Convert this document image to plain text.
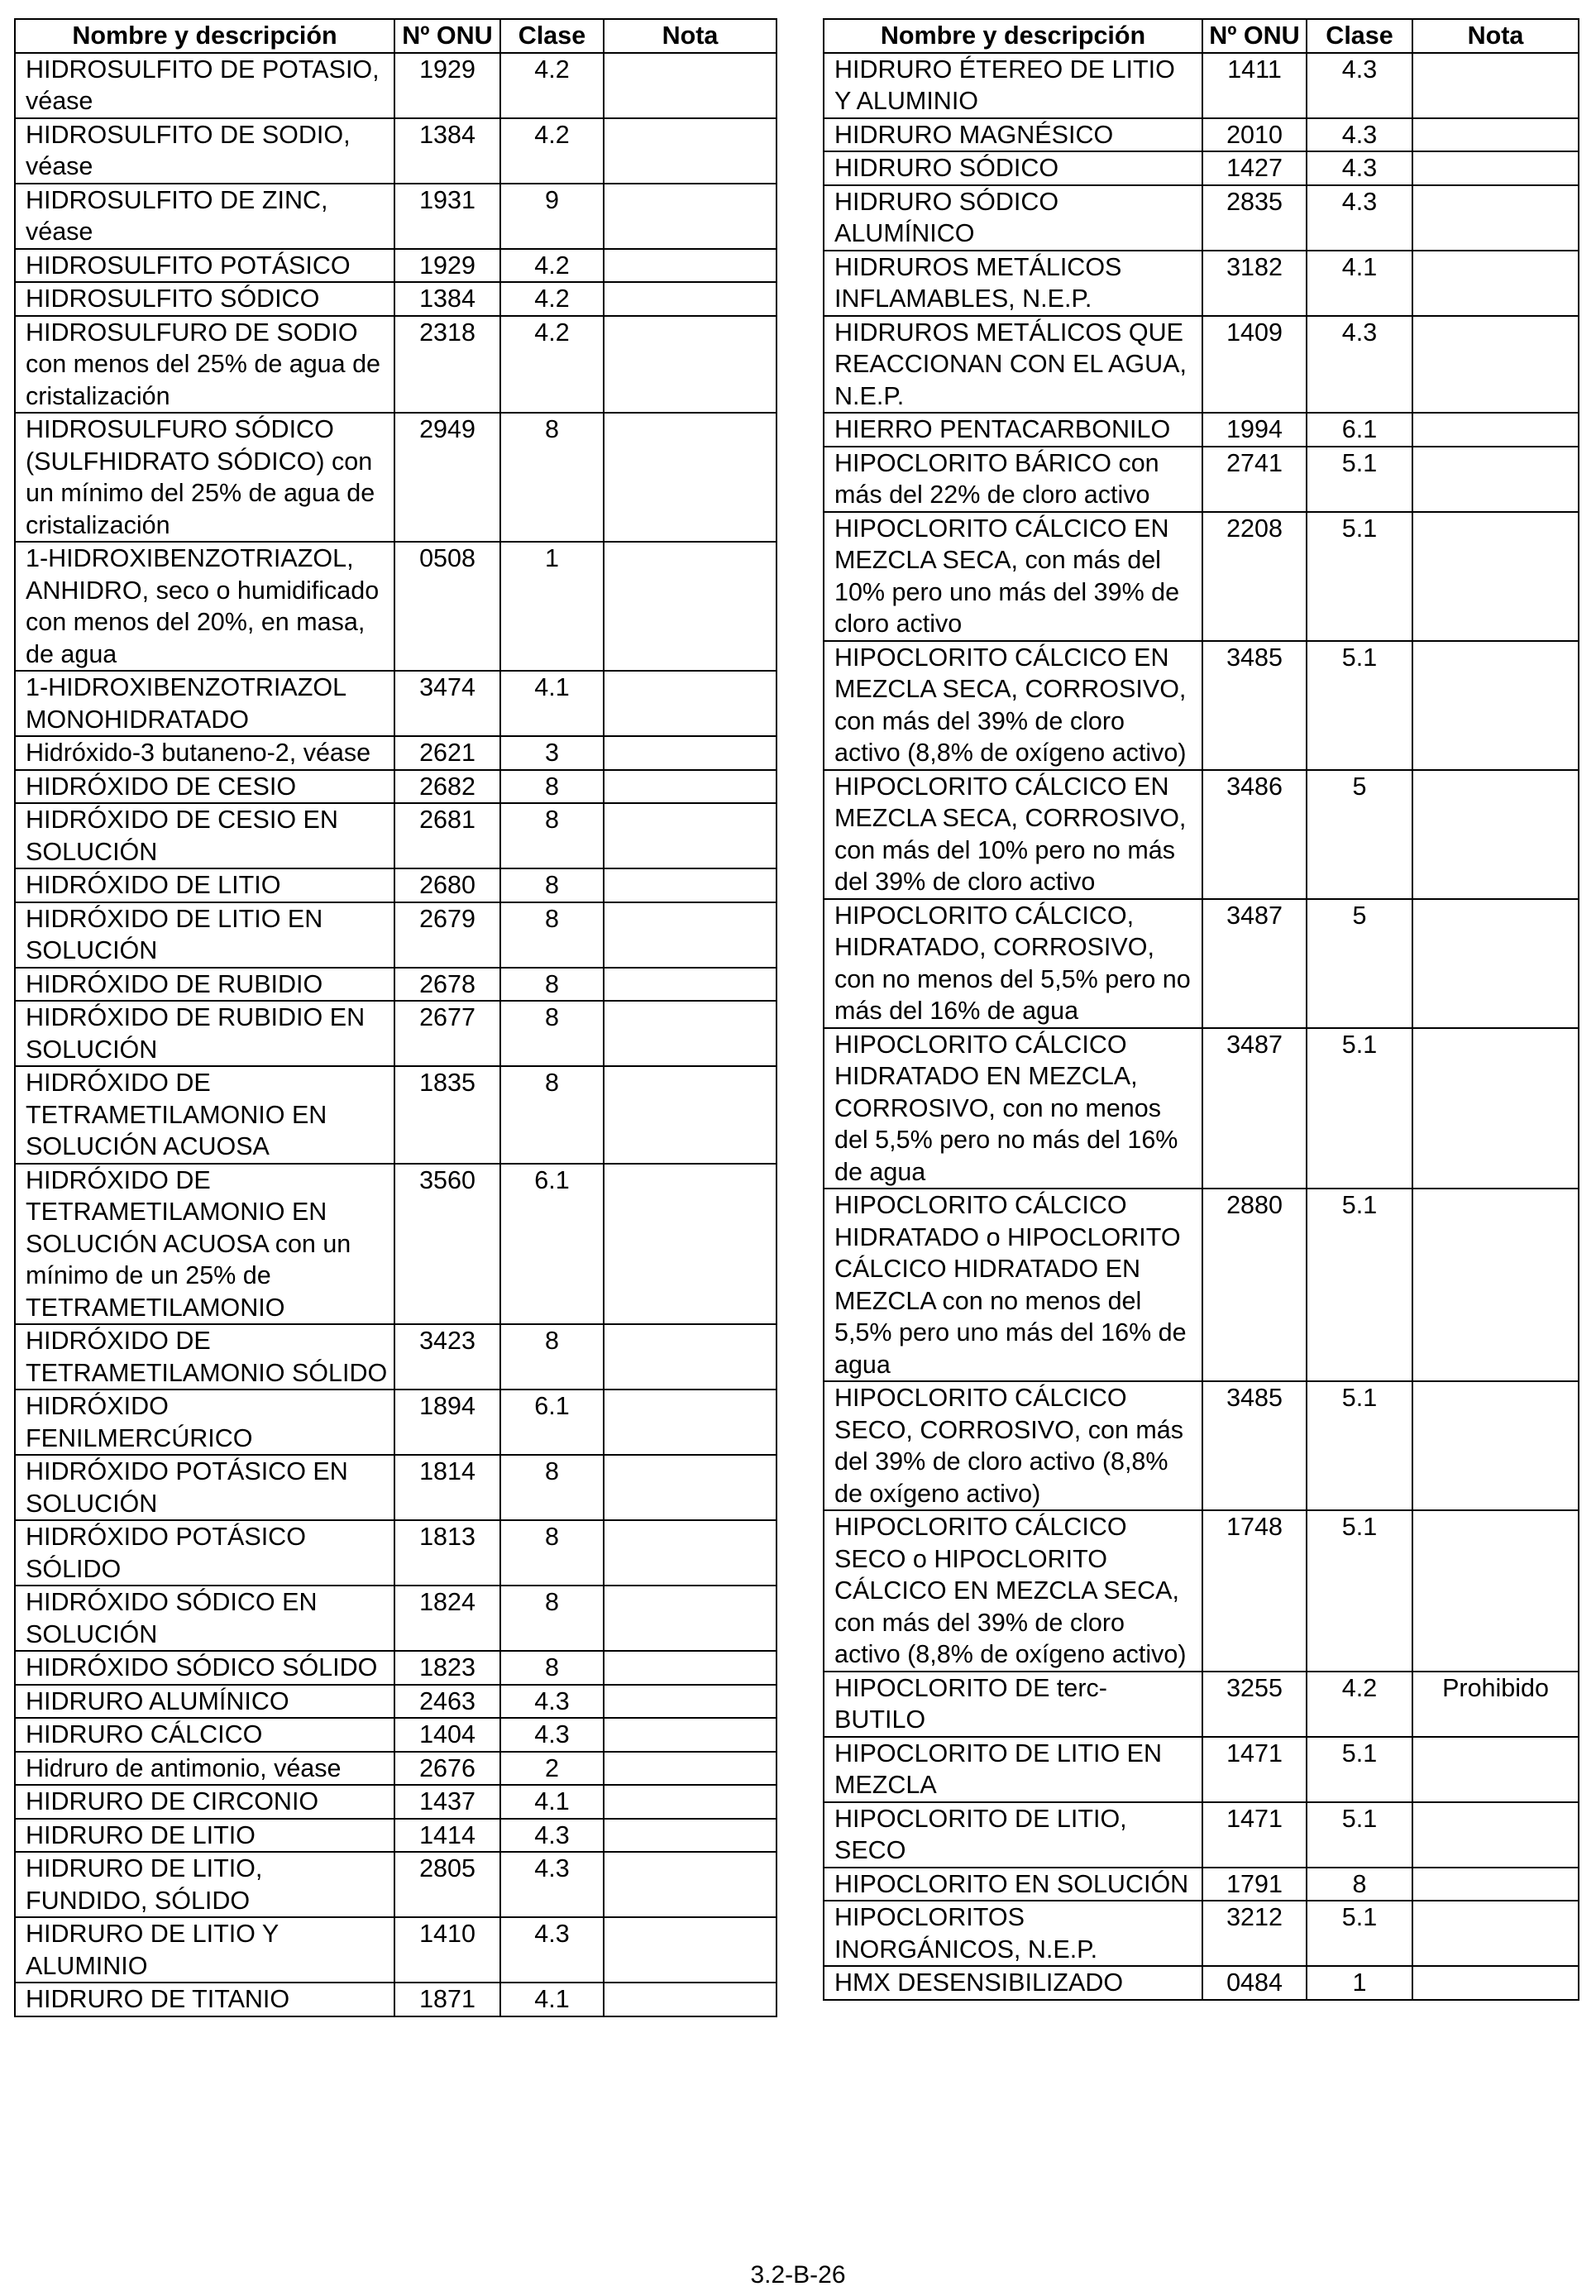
Nombre y descripción	Nº ONU	Clase	Nota
HIDROSULFITO DE POTASIO, véase	1929	4.2	
HIDROSULFITO DE SODIO, véase	1384	4.2	
HIDROSULFITO DE ZINC, véase	1931	9	
HIDROSULFITO POTÁSICO	1929	4.2	
HIDROSULFITO SÓDICO	1384	4.2	
HIDROSULFURO DE SODIO con menos del 25% de agua de cristalización	2318	4.2	
HIDROSULFURO SÓDICO (SULFHIDRATO SÓDICO) con un mínimo del 25% de agua de cristalización	2949	8	
1-HIDROXIBENZOTRIAZOL, ANHIDRO, seco o humidificado con menos del 20%, en masa, de agua	0508	1	
1-HIDROXIBENZOTRIAZOL MONOHIDRATADO	3474	4.1	
Hidróxido-3 butaneno-2, véase	2621	3	
HIDRÓXIDO DE CESIO	2682	8	
HIDRÓXIDO DE CESIO EN SOLUCIÓN	2681	8	
HIDRÓXIDO DE LITIO	2680	8	
HIDRÓXIDO DE LITIO EN SOLUCIÓN	2679	8	
HIDRÓXIDO DE RUBIDIO	2678	8	
HIDRÓXIDO DE RUBIDIO EN SOLUCIÓN	2677	8	
HIDRÓXIDO DE TETRAMETILAMONIO EN SOLUCIÓN ACUOSA	1835	8	
HIDRÓXIDO DE TETRAMETILAMONIO EN SOLUCIÓN ACUOSA con un mínimo de un 25% de TETRAMETILAMONIO	3560	6.1	
HIDRÓXIDO DE TETRAMETILAMONIO SÓLIDO	3423	8	
HIDRÓXIDO FENILMERCÚRICO	1894	6.1	
HIDRÓXIDO POTÁSICO EN SOLUCIÓN	1814	8	
HIDRÓXIDO POTÁSICO SÓLIDO	1813	8	
HIDRÓXIDO SÓDICO EN SOLUCIÓN	1824	8	
HIDRÓXIDO SÓDICO SÓLIDO	1823	8	
HIDRURO ALUMÍNICO	2463	4.3	
HIDRURO CÁLCICO	1404	4.3	
Hidruro de antimonio, véase	2676	2	
HIDRURO DE CIRCONIO	1437	4.1	
HIDRURO DE LITIO	1414	4.3	
HIDRURO DE LITIO, FUNDIDO, SÓLIDO	2805	4.3	
HIDRURO DE LITIO Y ALUMINIO	1410	4.3	
HIDRURO DE TITANIO	1871	4.1	
Nombre y descripción	Nº ONU	Clase	Nota
HIDRURO ÉTEREO DE LITIO Y ALUMINIO	1411	4.3	
HIDRURO MAGNÉSICO	2010	4.3	
HIDRURO SÓDICO	1427	4.3	
HIDRURO SÓDICO ALUMÍNICO	2835	4.3	
HIDRUROS METÁLICOS INFLAMABLES, N.E.P.	3182	4.1	
HIDRUROS METÁLICOS QUE REACCIONAN CON EL AGUA, N.E.P.	1409	4.3	
HIERRO PENTACARBONILO	1994	6.1	
HIPOCLORITO BÁRICO con más del 22% de cloro activo	2741	5.1	
HIPOCLORITO CÁLCICO EN MEZCLA SECA, con más del 10% pero uno más del 39% de cloro activo	2208	5.1	
HIPOCLORITO CÁLCICO EN MEZCLA SECA, CORROSIVO, con más del 39% de cloro activo (8,8% de oxígeno activo)	3485	5.1	
HIPOCLORITO CÁLCICO EN MEZCLA SECA, CORROSIVO, con más del 10% pero no más del 39% de cloro activo	3486	5	
HIPOCLORITO CÁLCICO, HIDRATADO, CORROSIVO, con no menos del 5,5% pero no más del 16% de agua	3487	5	
HIPOCLORITO CÁLCICO HIDRATADO EN MEZCLA, CORROSIVO, con no menos del 5,5% pero no más del 16% de agua	3487	5.1	
HIPOCLORITO CÁLCICO HIDRATADO o HIPOCLORITO CÁLCICO HIDRATADO EN MEZCLA con no menos del 5,5% pero uno más del 16% de agua	2880	5.1	
HIPOCLORITO CÁLCICO SECO, CORROSIVO, con más del 39% de cloro activo (8,8% de oxígeno activo)	3485	5.1	
HIPOCLORITO CÁLCICO SECO o HIPOCLORITO CÁLCICO EN MEZCLA SECA, con más del 39% de cloro activo (8,8% de oxígeno activo)	1748	5.1	
HIPOCLORITO DE terc-BUTILO	3255	4.2	Prohibido
HIPOCLORITO DE LITIO EN MEZCLA	1471	5.1	
HIPOCLORITO DE LITIO, SECO	1471	5.1	
HIPOCLORITO EN SOLUCIÓN	1791	8	
HIPOCLORITOS INORGÁNICOS, N.E.P.	3212	5.1	
HMX DESENSIBILIZADO	0484	1	
3.2-B-26
